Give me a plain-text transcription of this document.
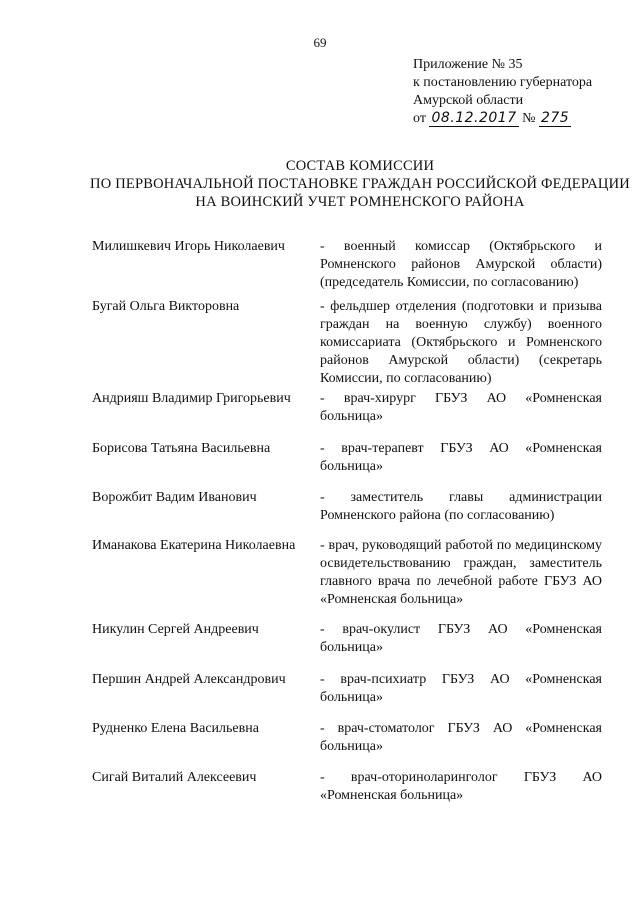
69
Приложение № 35
к постановлению губернатора
Амурской области
от 08.12.2017 № 275
СОСТАВ КОМИССИИ
ПО ПЕРВОНАЧАЛЬНОЙ ПОСТАНОВКЕ ГРАЖДАН РОССИЙСКОЙ ФЕДЕРАЦИИ
НА ВОИНСКИЙ УЧЕТ РОМНЕНСКОГО РАЙОНА
Милишкевич Игорь Николаевич	- военный комиссар (Октябрьского и Ромненского районов Амурской области) (председатель Комиссии, по согласованию)
Бугай Ольга Викторовна	- фельдшер отделения (подготовки и призыва граждан на военную службу) военного комиссариата (Октябрьского и Ромненского районов Амурской области) (секретарь Комиссии, по согласованию)
Андрияш Владимир Григорьевич	- врач-хирург ГБУЗ АО «Ромненская больница»
Борисова Татьяна Васильевна	- врач-терапевт ГБУЗ АО «Ромненская больница»
Ворожбит Вадим Иванович	- заместитель главы администрации Ромненского района (по согласованию)
Иманакова Екатерина Николаевна	- врач, руководящий работой по медицинскому освидетельствованию граждан, заместитель главного врача по лечебной работе ГБУЗ АО «Ромненская больница»
Никулин Сергей Андреевич	- врач-окулист ГБУЗ АО «Ромненская больница»
Першин Андрей Александрович	- врач-психиатр ГБУЗ АО «Ромненская больница»
Рудненко Елена Васильевна	- врач-стоматолог ГБУЗ АО «Ромненская больница»
Сигай Виталий Алексеевич	- врач-оториноларинголог ГБУЗ АО «Ромненская больница»
